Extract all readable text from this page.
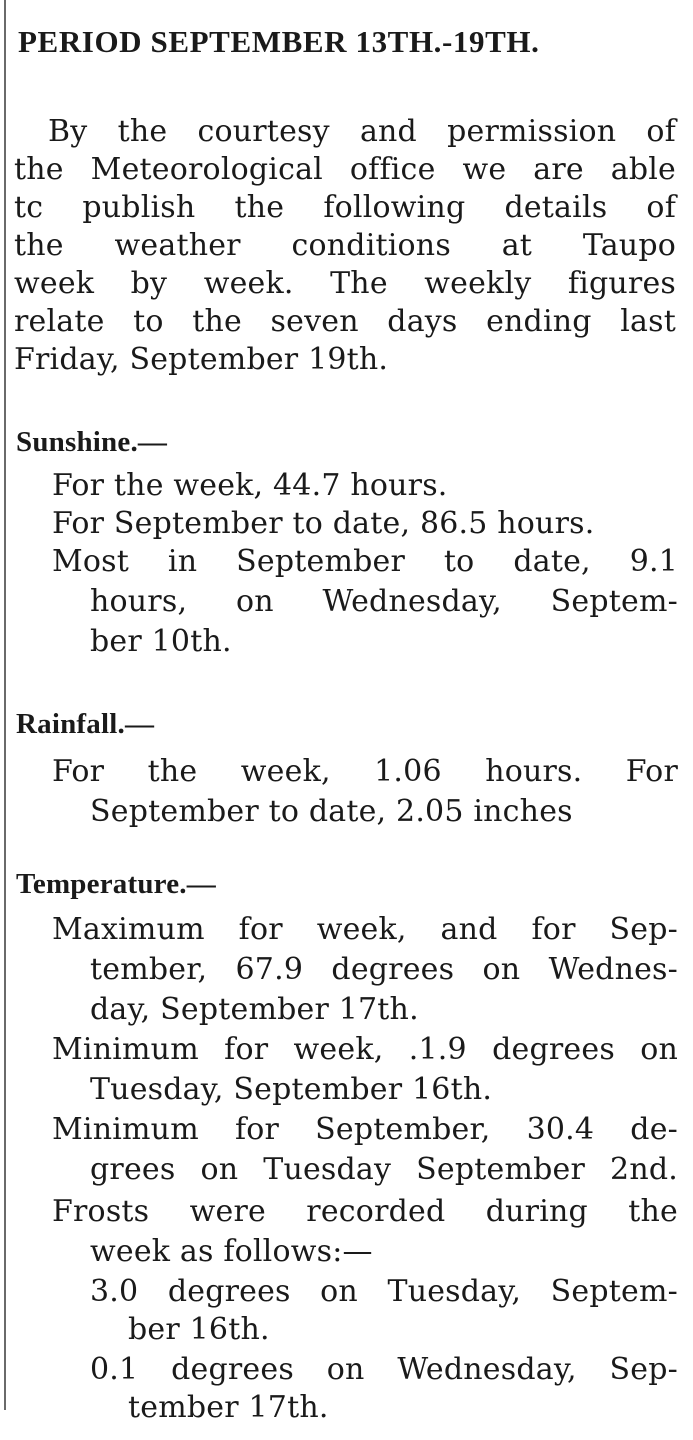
PERIOD SEPTEMBER 13TH.-19TH.
By the courtesy and permission of
the Meteorological office we are able
tc publish the following details of
the weather conditions at Taupo
week by week. The weekly figures
relate to the seven days ending last
Friday, September 19th.
Sunshine.—
For the week, 44.7 hours.
For September to date, 86.5 hours.
Most in September to date, 9.1
hours, on Wednesday, Septem-
ber 10th.
Rainfall.—
For the week, 1.06 hours. For
September to date, 2.05 inches
Temperature.—
Maximum for week, and for Sep-
tember, 67.9 degrees on Wednes-
day, September 17th.
Minimum for week, .1.9 degrees on
Tuesday, September 16th.
Minimum for September, 30.4 de-
grees on Tuesday September 2nd.
Frosts were recorded during the
week as follows:—
3.0 degrees on Tuesday, Septem-
ber 16th.
0.1 degrees on Wednesday, Sep-
tember 17th.
